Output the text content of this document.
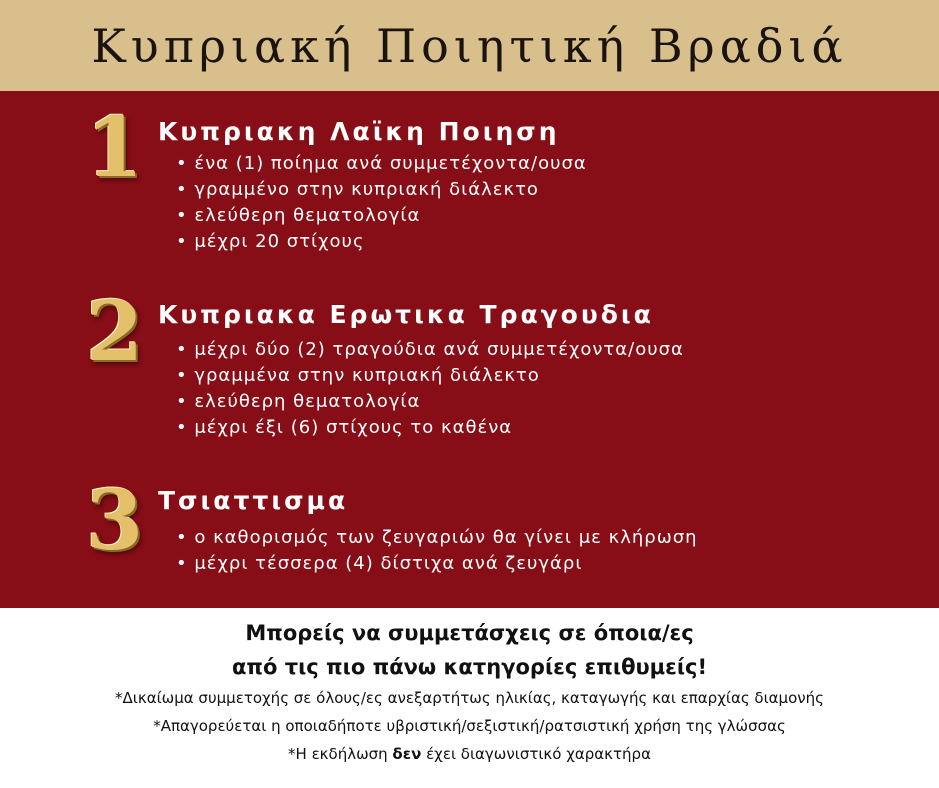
Κυπριακή Ποιητική Βραδιά
1 Κυπριακη Λαϊκη Ποιηση
• ένα (1) ποίημα ανά συμμετέχοντα/ουσα
• γραμμένο στην κυπριακή διάλεκτο
• ελεύθερη θεματολογία
• μέχρι 20 στίχους
2 Κυπριακα Ερωτικα Τραγουδια
• μέχρι δύο (2) τραγούδια ανά συμμετέχοντα/ουσα
• γραμμένα στην κυπριακή διάλεκτο
• ελεύθερη θεματολογία
• μέχρι έξι (6) στίχους το καθένα
3 Τσιαττισμα
• ο καθορισμός των ζευγαριών θα γίνει με κλήρωση
• μέχρι τέσσερα (4) δίστιχα ανά ζευγάρι

Μπορείς να συμμετάσχεις σε όποια/ες

από τις πιο πάνω κατηγορίες επιθυμείς!

*Δικαίωμα συμμετοχής σε όλους/ες ανεξαρτήτως ηλικίας, καταγωγής και επαρχίας διαμονής

*Απαγορεύεται η οποιαδήποτε υβριστική/σεξιστική/ρατσιστική χρήση της γλώσσας

*Η εκδήλωση δεν έχει διαγωνιστικό χαρακτήρα
